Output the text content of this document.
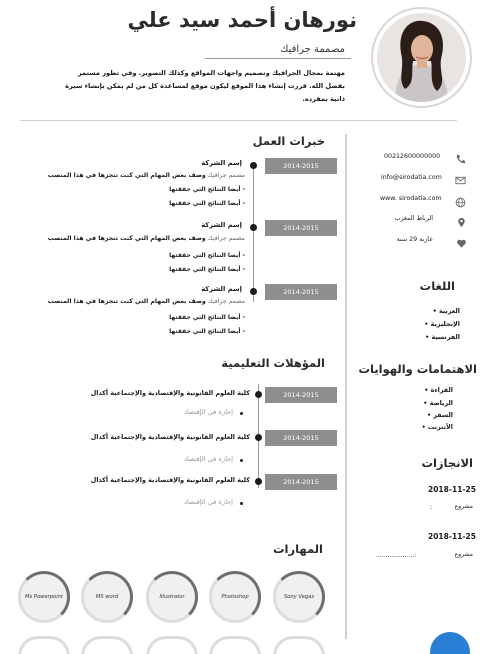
نورهان أحمد سيد علي
مصممة جرافيك
مهتمة بمجال الجرافيك وتصميم واجهات المواقع وكذلك التصوير. وفي تطور مستمر
بفضل الله. قررت إنشاء هذا الموقع ليكون موقع لمساعدة كل من لم يمكن بإنشاء سيرة
ذاتية بمفرده.
خبرات العمل
2014-2015
إسم الشركة
مصمم جرافيك وصف بعض المهام التي كنت تنجزها في هذا المنصب
- أيضا النتائج التي حققتها
- أيضا النتائج التي حققتها
2014-2015
إسم الشركة
مصمم جرافيك وصف بعض المهام التي كنت تنجزها في هذا المنصب
- أيضا النتائج التي حققتها
- أيضا النتائج التي حققتها
2014-2015
إسم الشركة
مصمم جرافيك وصف بعض المهام التي كنت تنجزها في هذا المنصب
- أيضا النتائج التي حققتها
- أيضا النتائج التي حققتها
المؤهلات التعليمية
2014-2015
كلية العلوم القانونية والإقتصادية والإجتماعية أكدال
إجازة في الإقتصاد
2014-2015
كلية العلوم القانونية والإقتصادية والإجتماعية أكدال
إجازة في الإقتصاد
2014-2015
كلية العلوم القانونية والإقتصادية والإجتماعية أكدال
إجازة في الإقتصاد
المهارات
Sony Vegas
Photoshop
Illustrator
MS word
Ms Powerpoint
00212600000000
info@sirodatia.com
www. sirodatia.com
الرباط المغرب
عازبة 29 سنة
اللغات
العربية •
الإنجليزية •
الفرنسية •
الاهتمامات والهوايات
القراءة •
الرياضة •
السفر •
الأنترنت •
الانجازات
2018-11-25
مشروع
:
2018-11-25
مشروع
....................:
